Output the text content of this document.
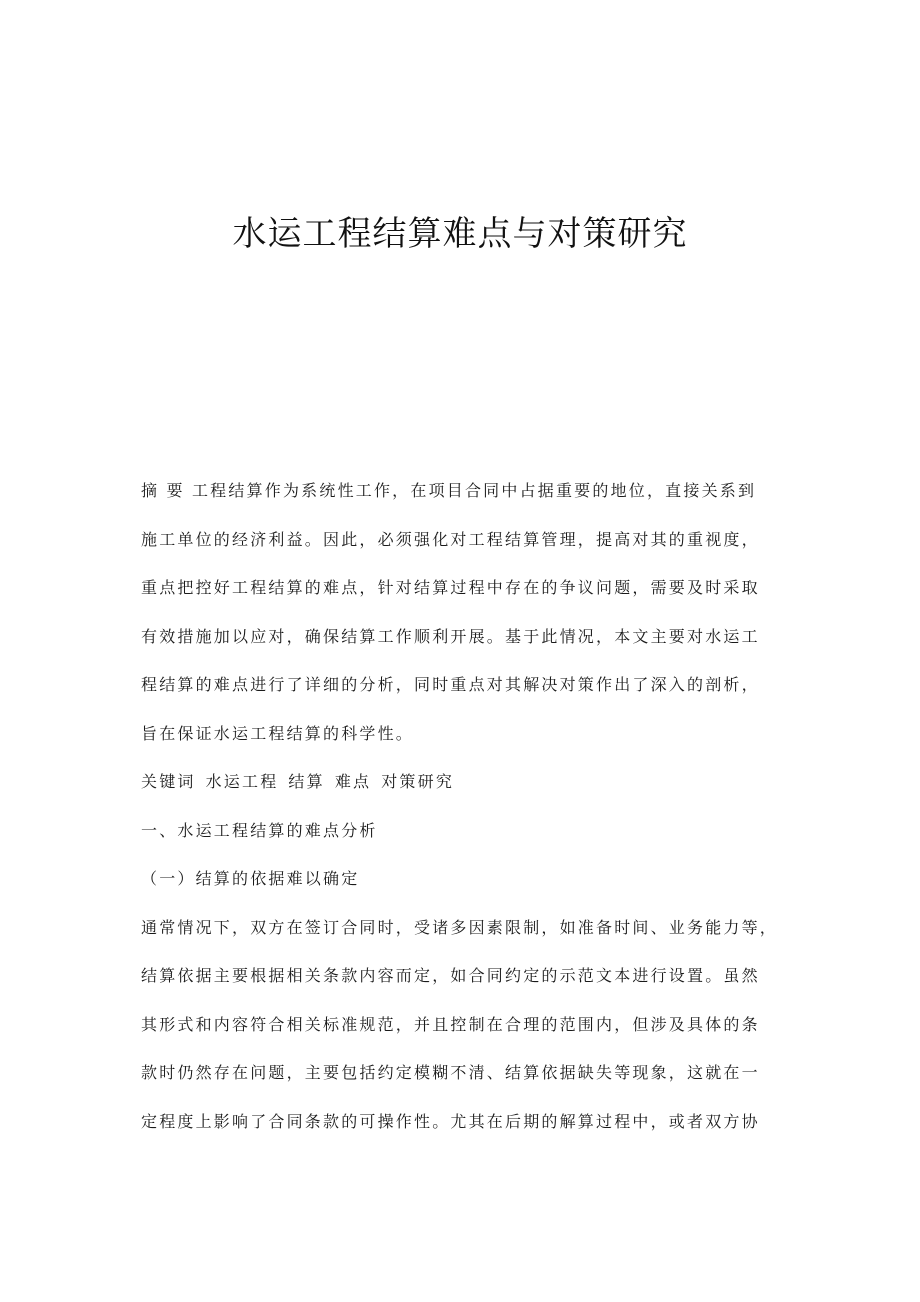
水运工程结算难点与对策研究
摘 要 工程结算作为系统性工作，在项目合同中占据重要的地位，直接关系到
施工单位的经济利益。因此，必须强化对工程结算管理，提高对其的重视度，
重点把控好工程结算的难点，针对结算过程中存在的争议问题，需要及时采取
有效措施加以应对，确保结算工作顺利开展。基于此情况，本文主要对水运工
程结算的难点进行了详细的分析，同时重点对其解决对策作出了深入的剖析，
旨在保证水运工程结算的科学性。
关键词 水运工程 结算 难点 对策研究
一、水运工程结算的难点分析
（一）结算的依据难以确定
通常情况下，双方在签订合同时，受诸多因素限制，如准备时间、业务能力等，
结算依据主要根据相关条款内容而定，如合同约定的示范文本进行设置。虽然
其形式和内容符合相关标准规范，并且控制在合理的范围内，但涉及具体的条
款时仍然存在问题，主要包括约定模糊不清、结算依据缺失等现象，这就在一
定程度上影响了合同条款的可操作性。尤其在后期的解算过程中，或者双方协
